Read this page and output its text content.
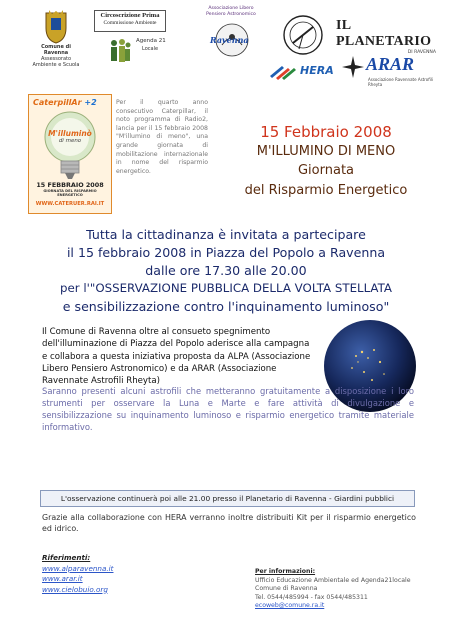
Comune di Ravenna
Assessorato Ambiente e Scuola
Circoscrizione Prima
Commissione Ambiente
Agenda 21
Locale
Associazione Libero Pensiero Astronomico
Ravenna
IL PLANETARIO
DI RAVENNA
HERA ARAR
Associazione Ravennate Astrofili Rheyta
CaterpillAr +2
M'illuminò
di meno
15 FEBBRAIO 2008
GIORNATA DEL RISPARMIO ENERGETICO
WWW.CATERUER.RAI.IT
Per il quarto anno consecutivo Caterpillar, il noto programma di Radio2, lancia per il 15 febbraio 2008 "M'illumino di meno", una grande giornata di mobilitazione internazionale in nome del risparmio energetico.
15 Febbraio 2008
M'ILLUMINO DI MENO
Giornata
del Risparmio Energetico
Tutta la cittadinanza è invitata a partecipare
il 15 febbraio 2008 in Piazza del Popolo a Ravenna
dalle ore 17.30 alle 20.00
per l'"OSSERVAZIONE PUBBLICA DELLA VOLTA STELLATA
e sensibilizzazione contro l'inquinamento luminoso"
Il Comune di Ravenna oltre al consueto spegnimento dell'illuminazione di Piazza del Popolo aderisce alla campagna e collabora a questa iniziativa proposta da ALPA (Associazione Libero Pensiero Astronomico) e da ARAR (Associazione Ravennate Astrofili Rheyta)
Saranno presenti alcuni astrofili che metteranno gratuitamente a disposizione i loro strumenti per osservare la Luna e Marte e fare attività di divulgazione e sensibilizzazione su inquinamento luminoso e risparmio energetico tramite materiale informativo.
L'osservazione continuerà poi alle 21.00 presso il Planetario di Ravenna - Giardini pubblici
Grazie alla collaborazione con HERA verranno inoltre distribuiti Kit per il risparmio energetico ed idrico.
Riferimenti:
www.alparavenna.it
www.arar.it
www.cielobuio.org
Per informazioni:
Ufficio Educazione Ambientale ed Agenda21locale
Comune di Ravenna
Tel. 0544/485994 - fax 0544/485311
ecoweb@comune.ra.it
